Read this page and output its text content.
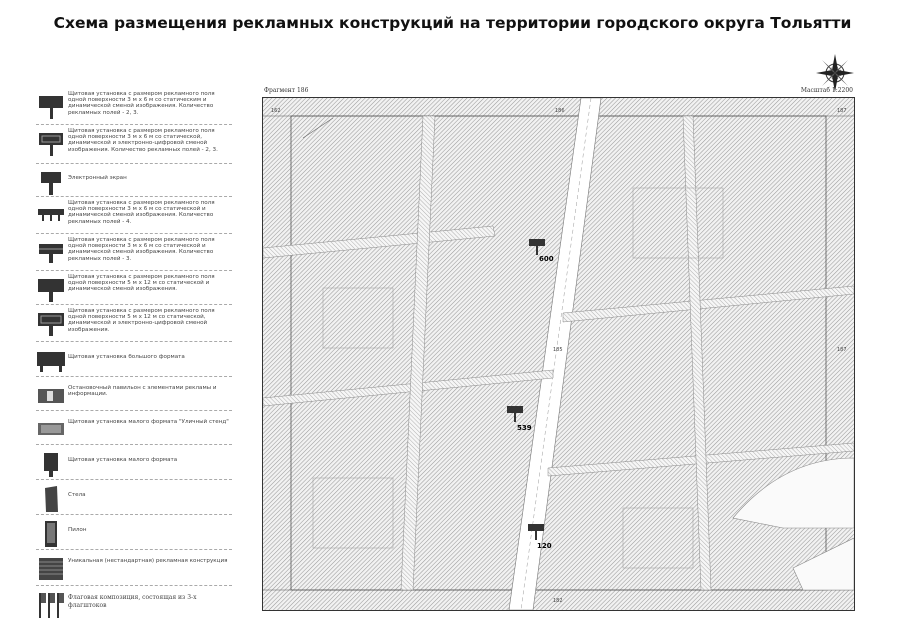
Схема размещения рекламных конструкций на территории городского округа Тольятти
Щитовая установка с размером рекламного поля одной поверхности 3 м х 6 м со статическим и динамической сменой изображения. Количество рекламных полей - 2, 3.
Щитовая установка с размером рекламного поля одной поверхности 3 м х 6 м со статической, динамической и электронно-цифровой сменой изображения. Количество рекламных полей - 2, 3.
Электронный экран
Щитовая установка с размером рекламного поля одной поверхности 3 м х 6 м со статической и динамической сменой изображения. Количество рекламных полей - 4.
Щитовая установка с размером рекламного поля одной поверхности 3 м х 6 м со статической и динамической сменой изображения. Количество рекламных полей - 3.
Щитовая установка с размером рекламного поля одной поверхности 5 м х 12 м со статической и динамической сменой изображения.
Щитовая установка с размером рекламного поля одной поверхности 5 м х 12 м со статической, динамической и электронно-цифровой сменой изображения.
Щитовая установка большого формата
Остановочный павильон с элементами рекламы и информации.
Щитовая установка малого формата "Уличный стенд"
Щитовая установка малого формата
Стела
Пилон
Уникальная (нестандартная) рекламная конструкция
Флаговая композиция, состоящая из 3-х флагштоков
Фрагмент 186	Масштаб 1:2200
162	186	187
185	187
182
600
539
120
